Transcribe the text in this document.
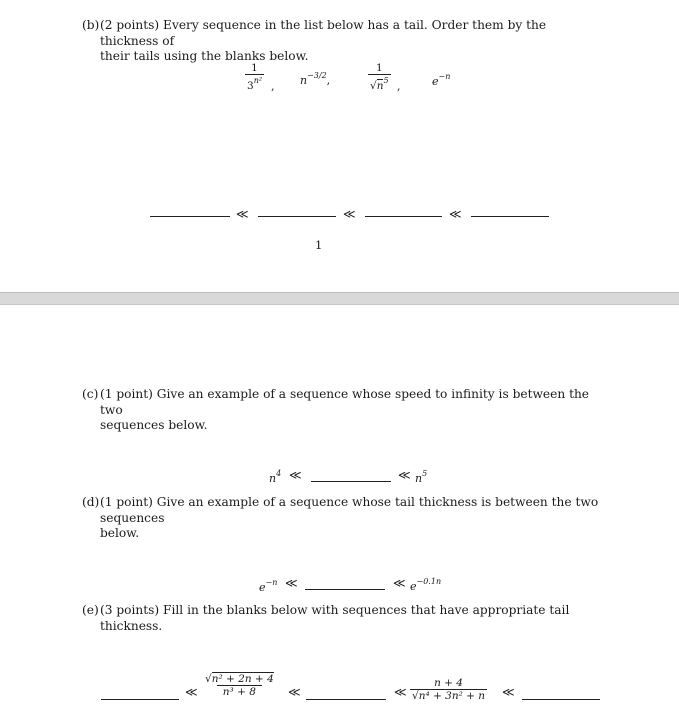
(b) (2 points) Every sequence in the list below has a tail. Order them by the thickness of
their tails using the blanks below.
$\frac{1}{3^{n^2}}$ , $n^{-3/2}$,	$\frac{1}{√n^5}$ ,	$e^{-n}$
≪	≪	≪
1
(c) (1 point) Give an example of a sequence whose speed to infinity is between the two
sequences below.
$n^4$ ≪	≪ $n^5$
(d) (1 point) Give an example of a sequence whose tail thickness is between the two sequences
below.
$e^{-n}$ ≪	≪ $e^{-0.1n}$
(e) (3 points) Fill in the blanks below with sequences that have appropriate tail thickness.
≪ $\frac{\text{√n² + 2n + 4}}{\text{n³ + 8}}$ ≪	≪ $\frac{n + 4}{\text{√n⁴ + 3n² + n}}$ ≪
